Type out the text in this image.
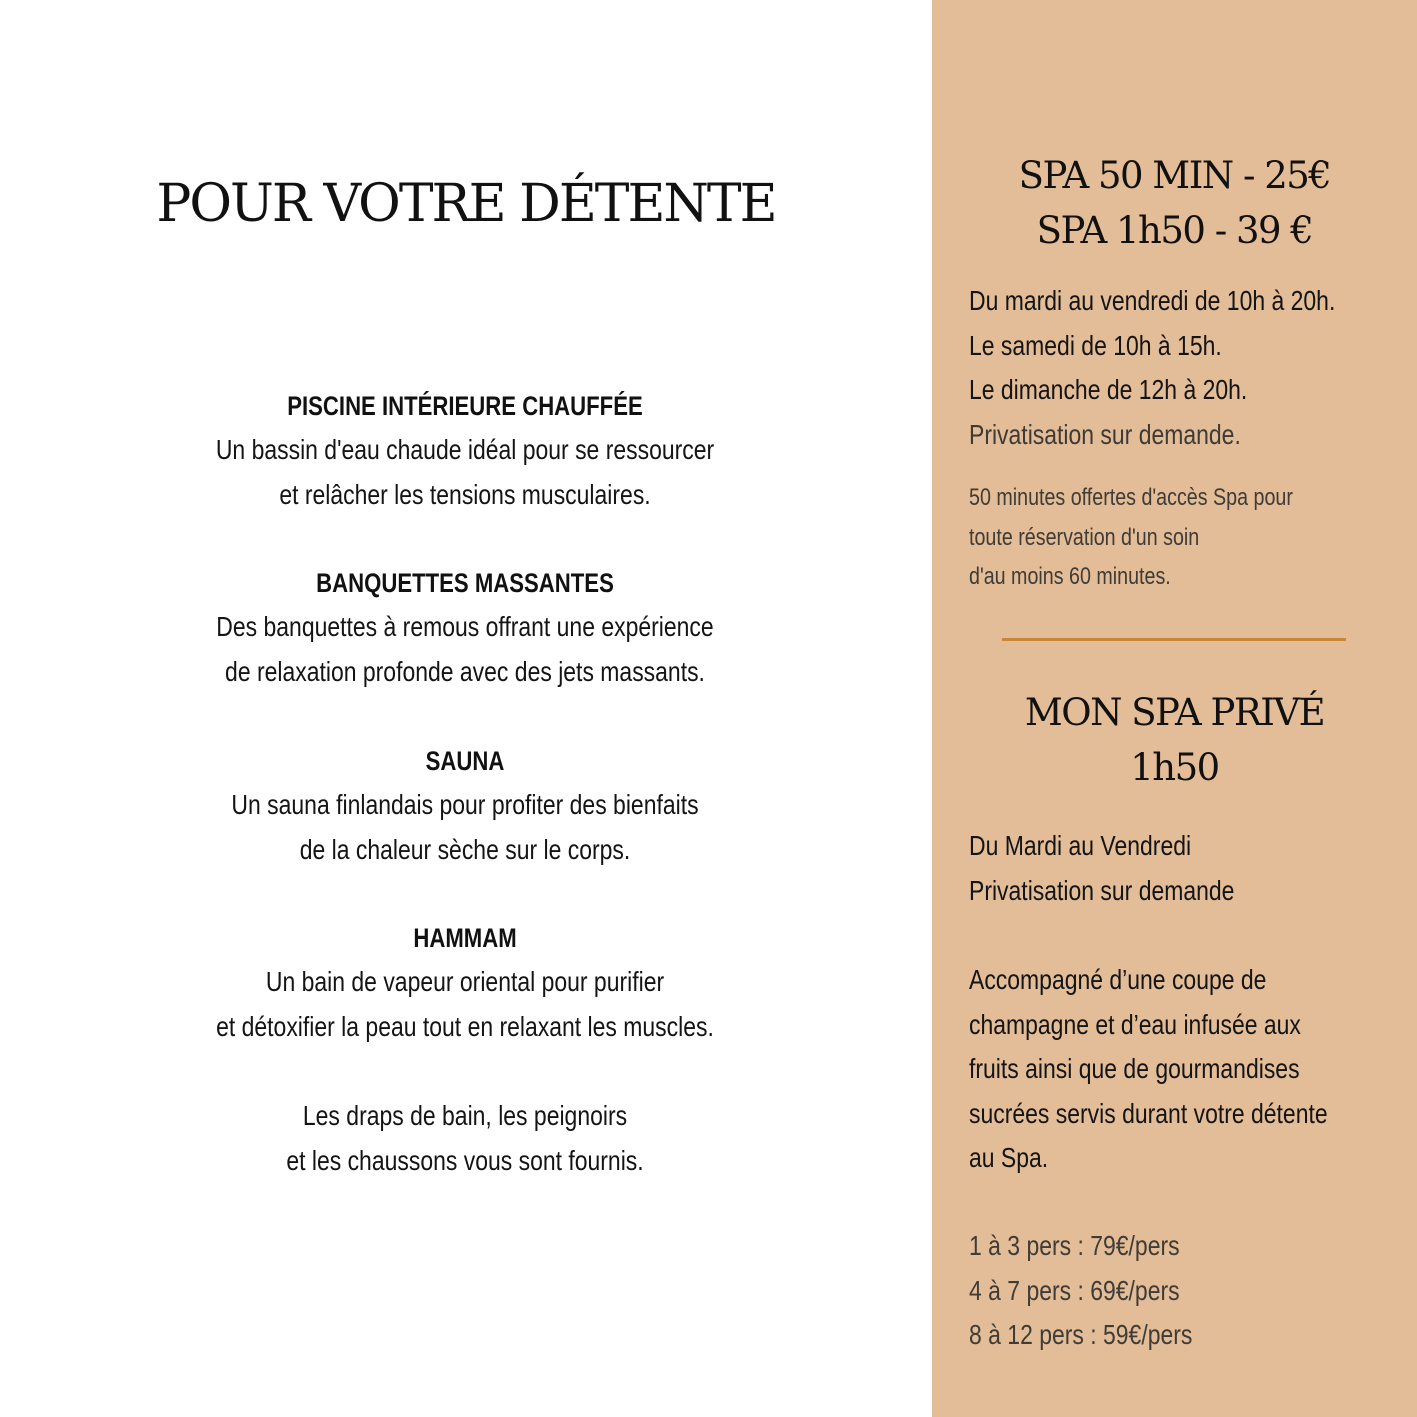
POUR VOTRE DÉTENTE
PISCINE INTÉRIEURE CHAUFFÉE
Un bassin d'eau chaude idéal pour se ressourcer
et relâcher les tensions musculaires.
BANQUETTES MASSANTES
Des banquettes à remous offrant une expérience
de relaxation profonde avec des jets massants.
SAUNA
Un sauna finlandais pour profiter des bienfaits
de la chaleur sèche sur le corps.
HAMMAM
Un bain de vapeur oriental pour purifier
et détoxifier la peau tout en relaxant les muscles.
Les draps de bain, les peignoirs
et les chaussons vous sont fournis.
SPA 50 MIN - 25€
SPA 1h50 - 39 €
Du mardi au vendredi de 10h à 20h.
Le samedi de 10h à 15h.
Le dimanche de 12h à 20h.
Privatisation sur demande.
50 minutes offertes d'accès Spa pour
toute réservation d'un soin
d'au moins 60 minutes.
MON SPA PRIVÉ
1h50
Du Mardi au Vendredi
Privatisation sur demande
Accompagné d’une coupe de
champagne et d’eau infusée aux
fruits ainsi que de gourmandises
sucrées servis durant votre détente
au Spa.
1 à 3 pers : 79€/pers
4 à 7 pers : 69€/pers
8 à 12 pers : 59€/pers
